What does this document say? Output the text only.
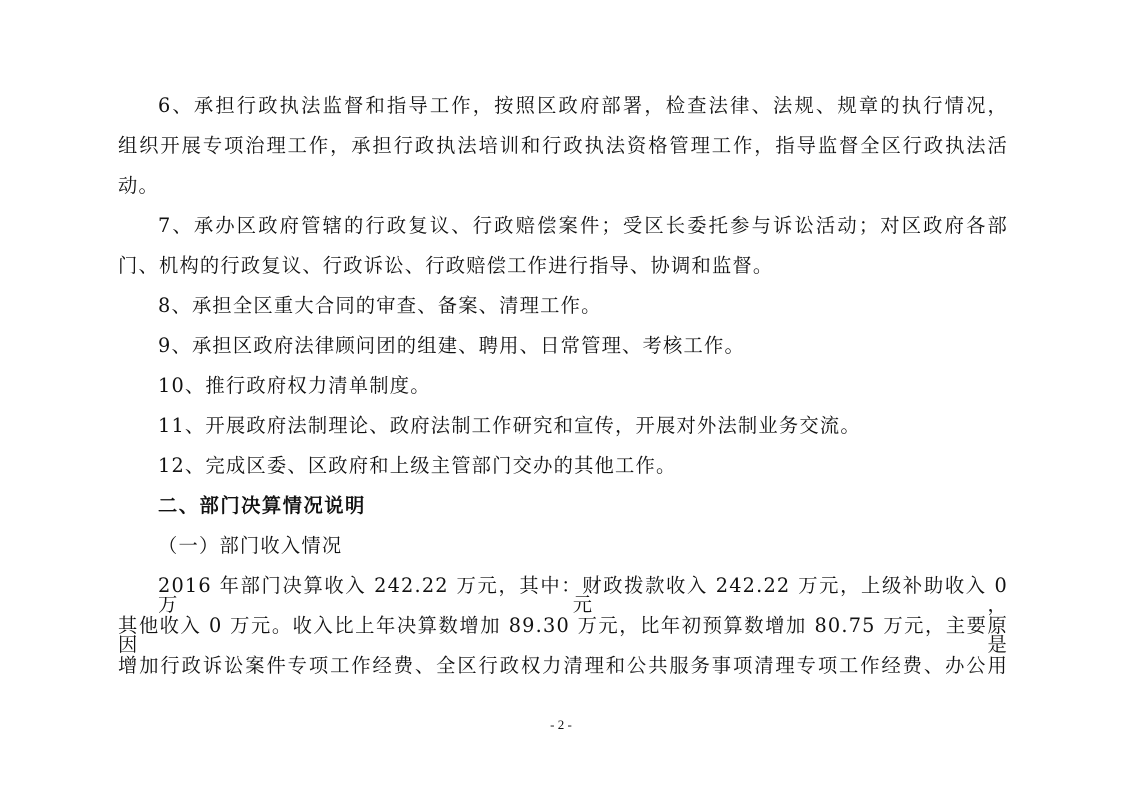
6、承担行政执法监督和指导工作，按照区政府部署，检查法律、法规、规章的执行情况，
组织开展专项治理工作，承担行政执法培训和行政执法资格管理工作，指导监督全区行政执法活
动。
7、承办区政府管辖的行政复议、行政赔偿案件；受区长委托参与诉讼活动；对区政府各部
门、机构的行政复议、行政诉讼、行政赔偿工作进行指导、协调和监督。
8、承担全区重大合同的审查、备案、清理工作。
9、承担区政府法律顾问团的组建、聘用、日常管理、考核工作。
10、推行政府权力清单制度。
11、开展政府法制理论、政府法制工作研究和宣传，开展对外法制业务交流。
12、完成区委、区政府和上级主管部门交办的其他工作。
二、部门决算情况说明
（一）部门收入情况
2016 年部门决算收入 242.22 万元，其中：财政拨款收入 242.22 万元，上级补助收入 0 万元，
其他收入 0 万元。收入比上年决算数增加 89.30 万元，比年初预算数增加 80.75 万元，主要原因是
增加行政诉讼案件专项工作经费、全区行政权力清理和公共服务事项清理专项工作经费、办公用
- 2 -
